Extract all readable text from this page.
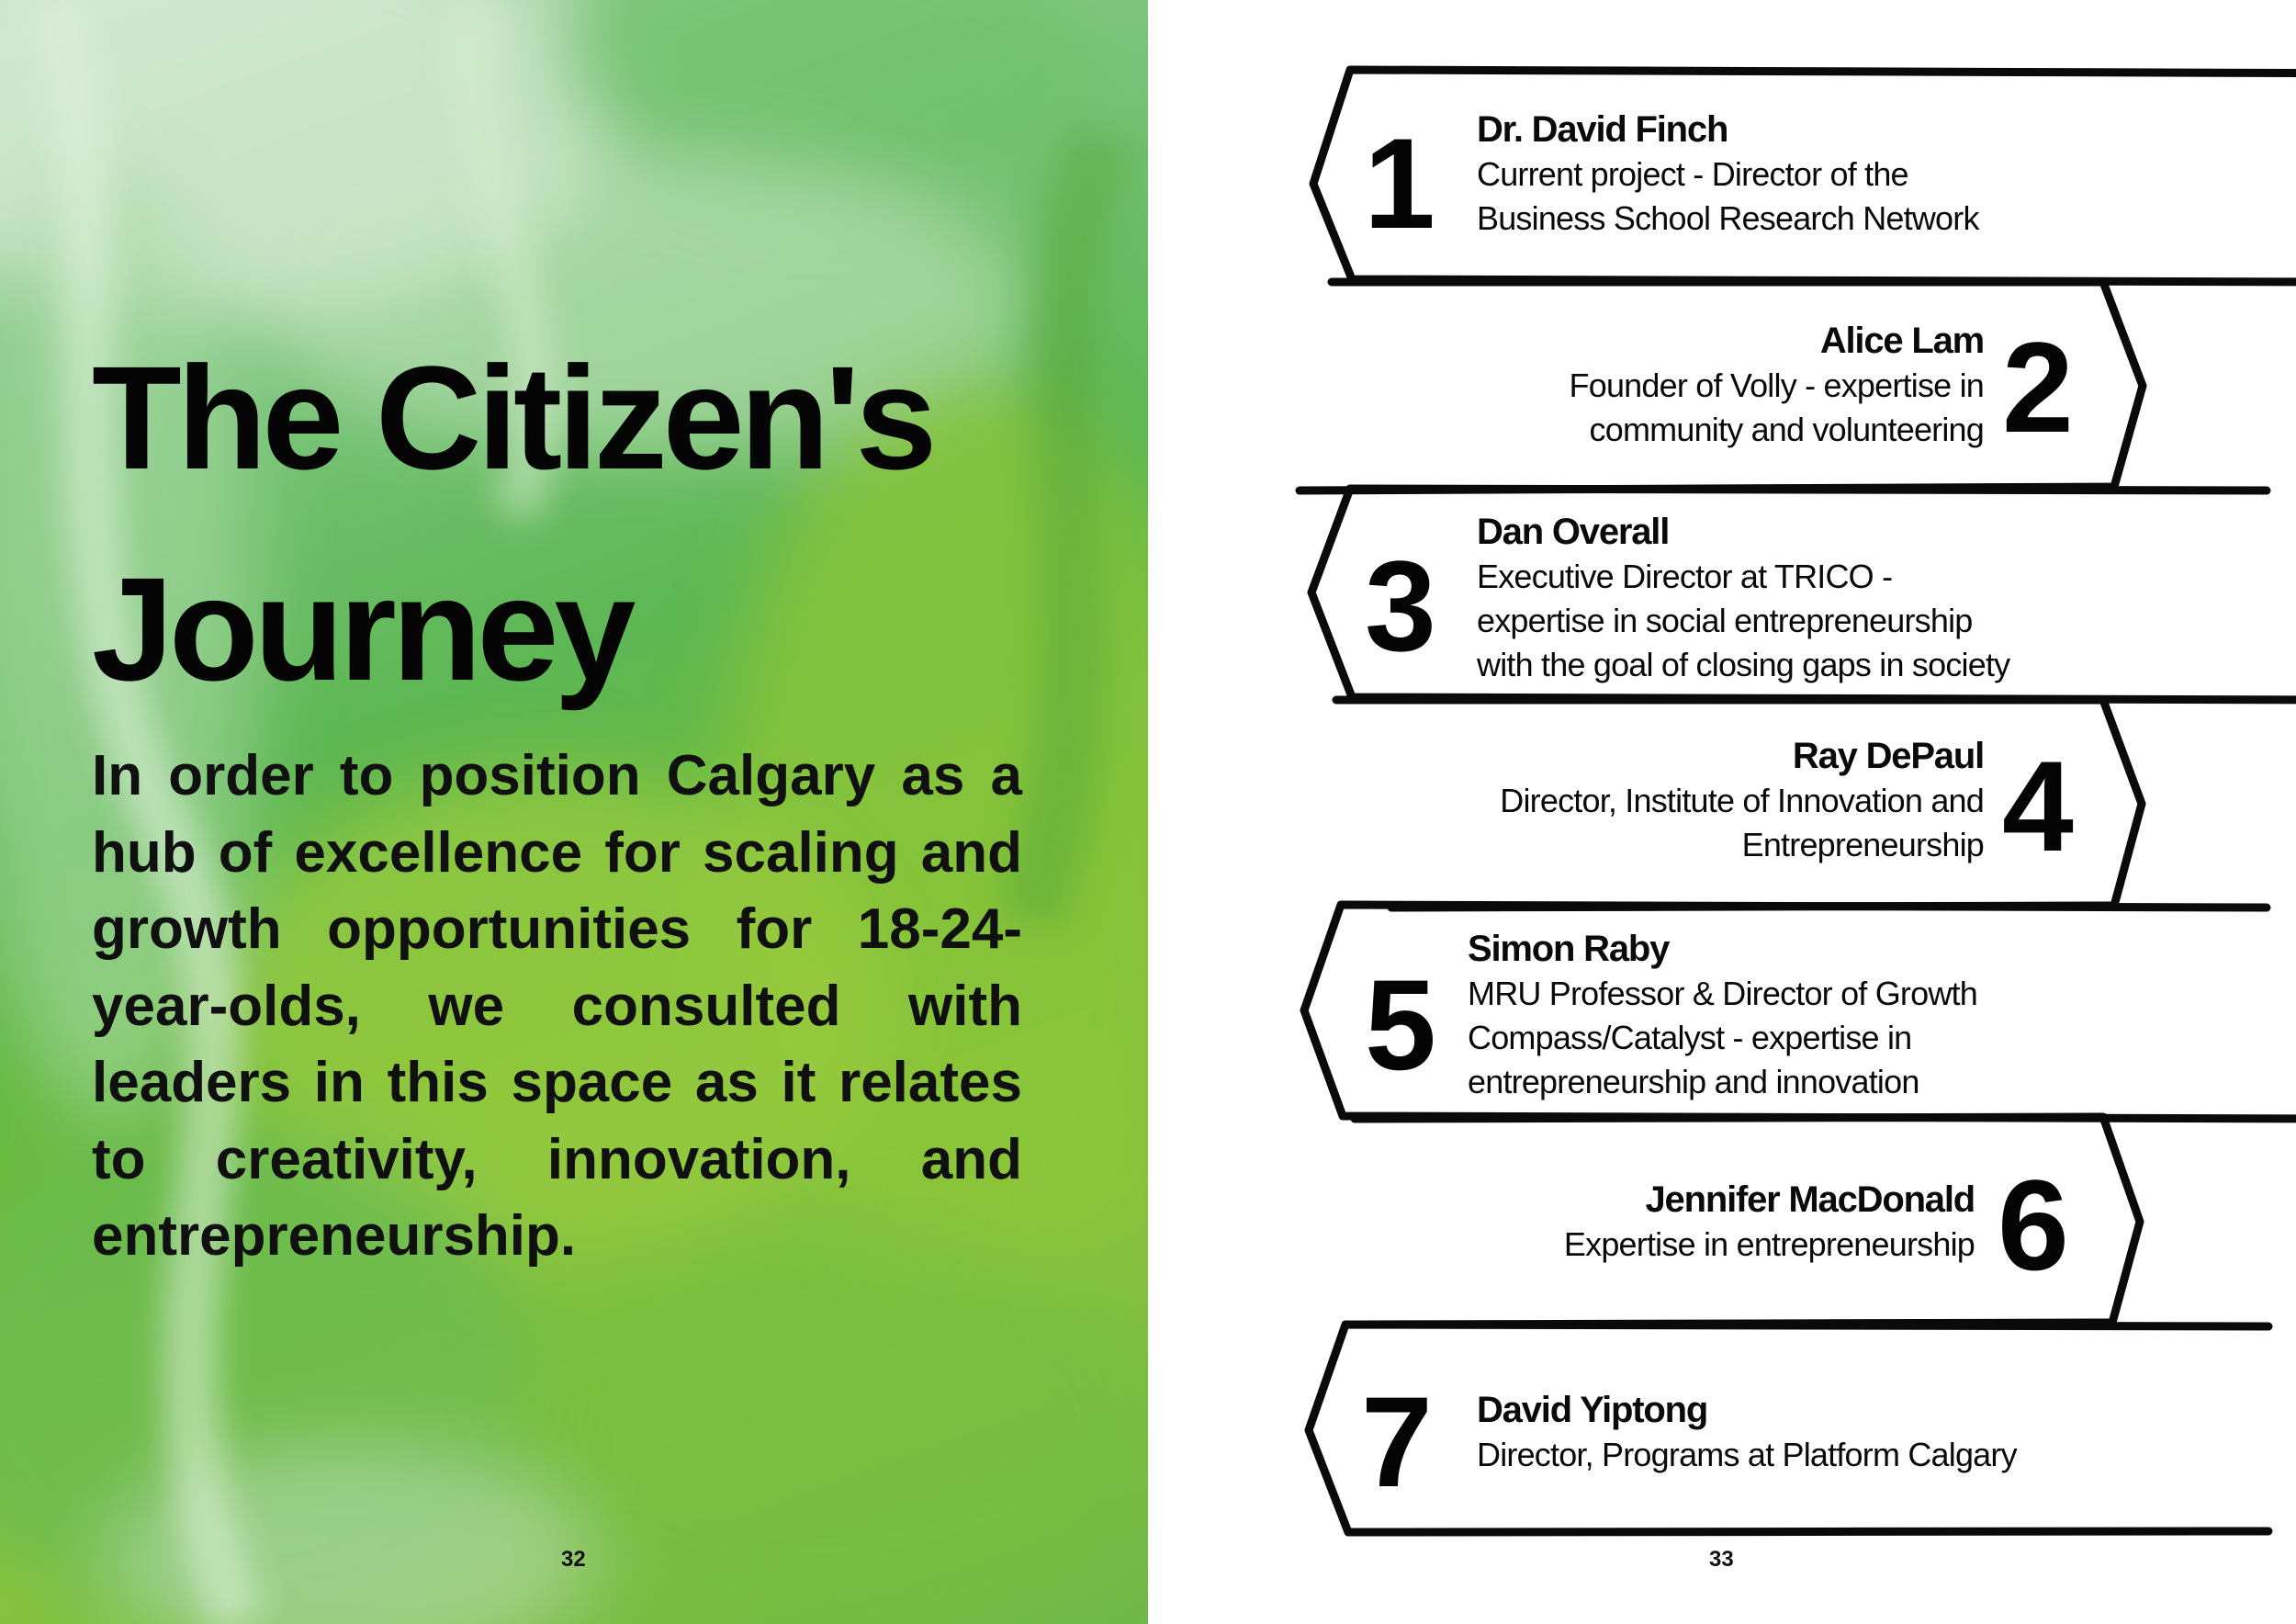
The Citizen's
Journey

In order to position Calgary as a hub of excellence for scaling and growth opportunities for 18-24-year-olds, we consulted with leaders in this space as it relates to creativity, innovation, and entrepreneurship.

32
1 Dr. David Finch
Current project - Director of the
Business School Research Network
2
Alice Lam
Founder of Volly - expertise in
community and volunteering
3
Dan Overall
Executive Director at TRICO -
expertise in social entrepreneurship
with the goal of closing gaps in society
4
Ray DePaul
Director, Institute of Innovation and
Entrepreneurship
5
Simon Raby
MRU Professor & Director of Growth
Compass/Catalyst - expertise in
entrepreneurship and innovation
6
Jennifer MacDonald
Expertise in entrepreneurship
7 David Yiptong
Director, Programs at Platform Calgary
33
